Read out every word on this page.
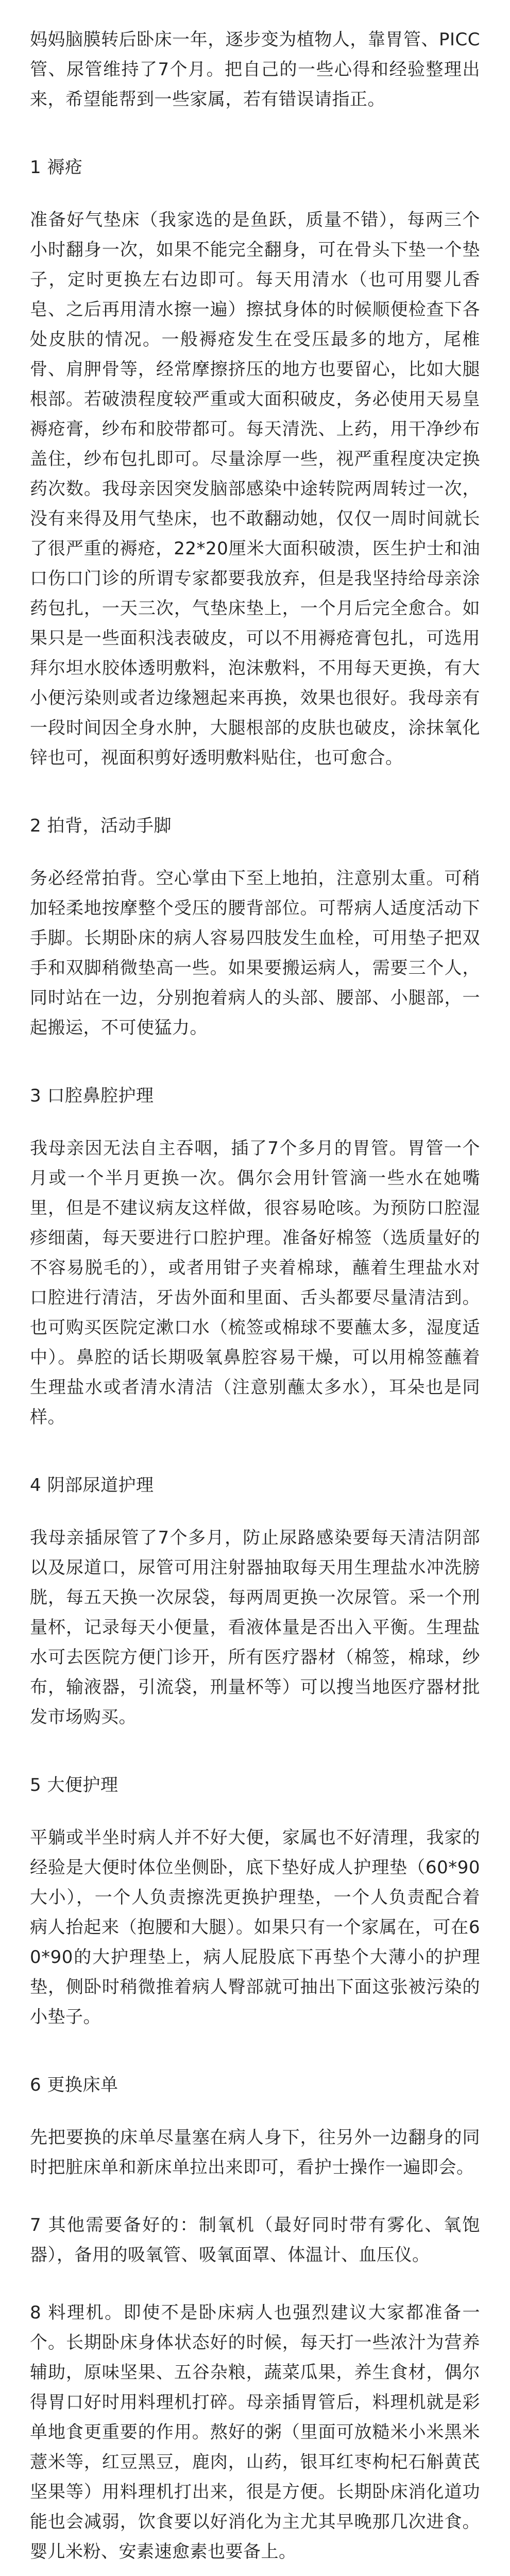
妈妈脑膜转后卧床一年，逐步变为植物人，靠胃管、PICC管、尿管维持了7个月。把自己的一些心得和经验整理出来，希望能帮到一些家属，若有错误请指正。

1 褥疮

准备好气垫床（我家选的是鱼跃，质量不错），每两三个小时翻身一次，如果不能完全翻身，可在骨头下垫一个垫子，定时更换左右边即可。每天用清水（也可用婴儿香皂、之后再用清水擦一遍）擦拭身体的时候顺便检查下各处皮肤的情况。一般褥疮发生在受压最多的地方，尾椎骨、肩胛骨等，经常摩擦挤压的地方也要留心，比如大腿根部。若破溃程度较严重或大面积破皮，务必使用天易皇褥疮膏，纱布和胶带都可。每天清洗、上药，用干净纱布盖住，纱布包扎即可。尽量涂厚一些，视严重程度决定换药次数。我母亲因突发脑部感染中途转院两周转过一次，没有来得及用气垫床，也不敢翻动她，仅仅一周时间就长了很严重的褥疮，22*20厘米大面积破溃，医生护士和油口伤口门诊的所谓专家都要我放弃，但是我坚持给母亲涂药包扎，一天三次，气垫床垫上，一个月后完全愈合。如果只是一些面积浅表破皮，可以不用褥疮膏包扎，可选用拜尔坦水胶体透明敷料，泡沫敷料，不用每天更换，有大小便污染则或者边缘翘起来再换，效果也很好。我母亲有一段时间因全身水肿，大腿根部的皮肤也破皮，涂抹氧化锌也可，视面积剪好透明敷料贴住，也可愈合。

2 拍背，活动手脚

务必经常拍背。空心掌由下至上地拍，注意别太重。可稍加轻柔地按摩整个受压的腰背部位。可帮病人适度活动下手脚。长期卧床的病人容易四肢发生血栓，可用垫子把双手和双脚稍微垫高一些。如果要搬运病人，需要三个人，同时站在一边，分别抱着病人的头部、腰部、小腿部，一起搬运，不可使猛力。

3 口腔鼻腔护理

我母亲因无法自主吞咽，插了7个多月的胃管。胃管一个月或一个半月更换一次。偶尔会用针管滴一些水在她嘴里，但是不建议病友这样做，很容易呛咳。为预防口腔湿疹细菌，每天要进行口腔护理。准备好棉签（选质量好的不容易脱毛的），或者用钳子夹着棉球，蘸着生理盐水对口腔进行清洁，牙齿外面和里面、舌头都要尽量清洁到。也可购买医院定漱口水（梳签或棉球不要蘸太多，湿度适中）。鼻腔的话长期吸氧鼻腔容易干燥，可以用棉签蘸着生理盐水或者清水清洁（注意别蘸太多水），耳朵也是同样。

4 阴部尿道护理

我母亲插尿管了7个多月，防止尿路感染要每天清洁阴部以及尿道口，尿管可用注射器抽取每天用生理盐水冲洗膀胱，每五天换一次尿袋，每两周更换一次尿管。采一个刑量杯，记录每天小便量，看液体量是否出入平衡。生理盐水可去医院方便门诊开，所有医疗器材（棉签，棉球，纱布，输液器，引流袋，刑量杯等）可以搜当地医疗器材批发市场购买。

5 大便护理

平躺或半坐时病人并不好大便，家属也不好清理，我家的经验是大便时体位坐侧卧，底下垫好成人护理垫（60*90大小），一个人负责擦洗更换护理垫，一个人负责配合着病人抬起来（抱腰和大腿）。如果只有一个家属在，可在60*90的大护理垫上，病人屁股底下再垫个大薄小的护理垫，侧卧时稍微推着病人臀部就可抽出下面这张被污染的小垫子。

6 更换床单

先把要换的床单尽量塞在病人身下，往另外一边翻身的同时把脏床单和新床单拉出来即可，看护士操作一遍即会。

7 其他需要备好的：制氧机（最好同时带有雾化、氧饱器），备用的吸氧管、吸氧面罩、体温计、血压仪。

8 料理机。即使不是卧床病人也强烈建议大家都准备一个。长期卧床身体状态好的时候，每天打一些浓汁为营养辅助，原味坚果、五谷杂粮，蔬菜瓜果，养生食材，偶尔得胃口好时用料理机打碎。母亲插胃管后，料理机就是彩单地食更重要的作用。熬好的粥（里面可放糙米小米黑米薏米等，红豆黑豆，鹿肉，山药，银耳红枣枸杞石斛黄芪坚果等）用料理机打出来，很是方便。长期卧床消化道功能也会减弱，饮食要以好消化为主尤其早晚那几次进食。婴儿米粉、安素速愈素也要备上。
